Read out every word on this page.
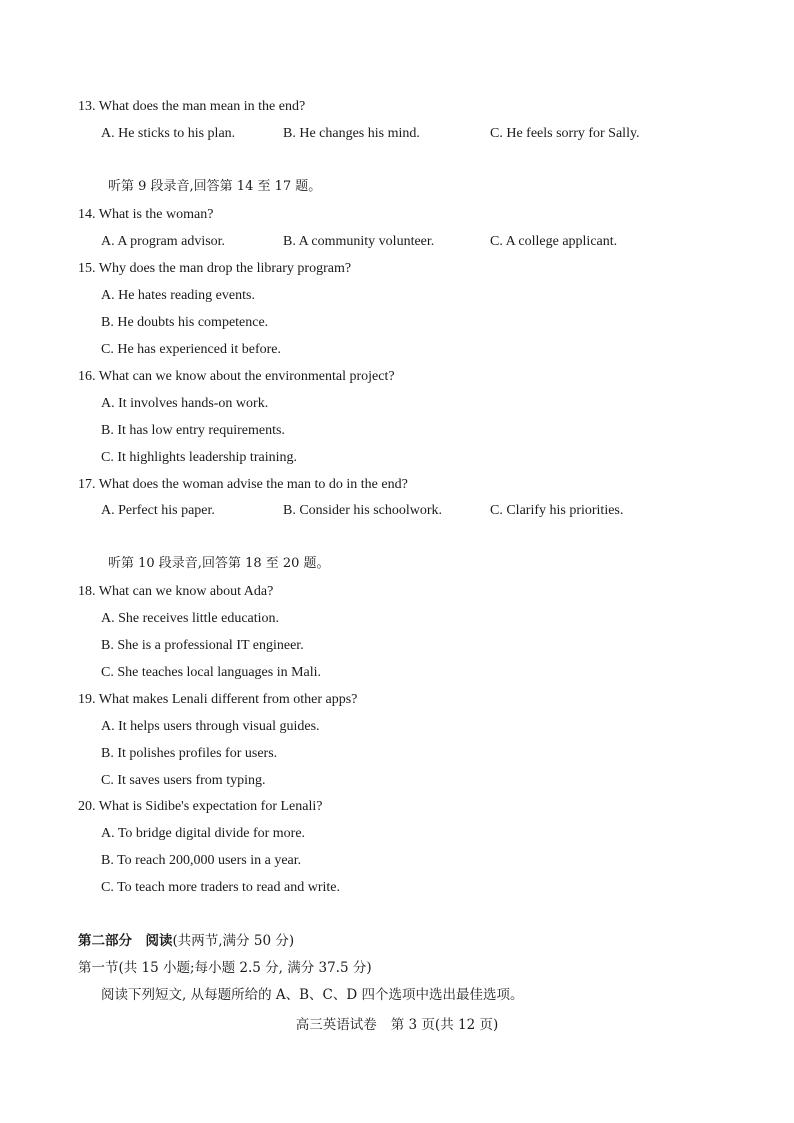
13. What does the man mean in the end?
A. He sticks to his plan.	B. He changes his mind.	C. He feels sorry for Sally.
听第 9 段录音,回答第 14 至 17 题。
14. What is the woman?
A. A program advisor.	B. A community volunteer.	C. A college applicant.
15. Why does the man drop the library program?
A. He hates reading events.
B. He doubts his competence.
C. He has experienced it before.
16. What can we know about the environmental project?
A. It involves hands-on work.
B. It has low entry requirements.
C. It highlights leadership training.
17. What does the woman advise the man to do in the end?
A. Perfect his paper.	B. Consider his schoolwork.	C. Clarify his priorities.
听第 10 段录音,回答第 18 至 20 题。
18. What can we know about Ada?
A. She receives little education.
B. She is a professional IT engineer.
C. She teaches local languages in Mali.
19. What makes Lenali different from other apps?
A. It helps users through visual guides.
B. It polishes profiles for users.
C. It saves users from typing.
20. What is Sidibe's expectation for Lenali?
A. To bridge digital divide for more.
B. To reach 200,000 users in a year.
C. To teach more traders to read and write.
第二部分　阅读(共两节,满分 50 分)
第一节(共 15 小题;每小题 2.5 分, 满分 37.5 分)
阅读下列短文, 从每题所给的 A、B、C、D 四个选项中选出最佳选项。
高三英语试卷 第 3 页(共 12 页)
